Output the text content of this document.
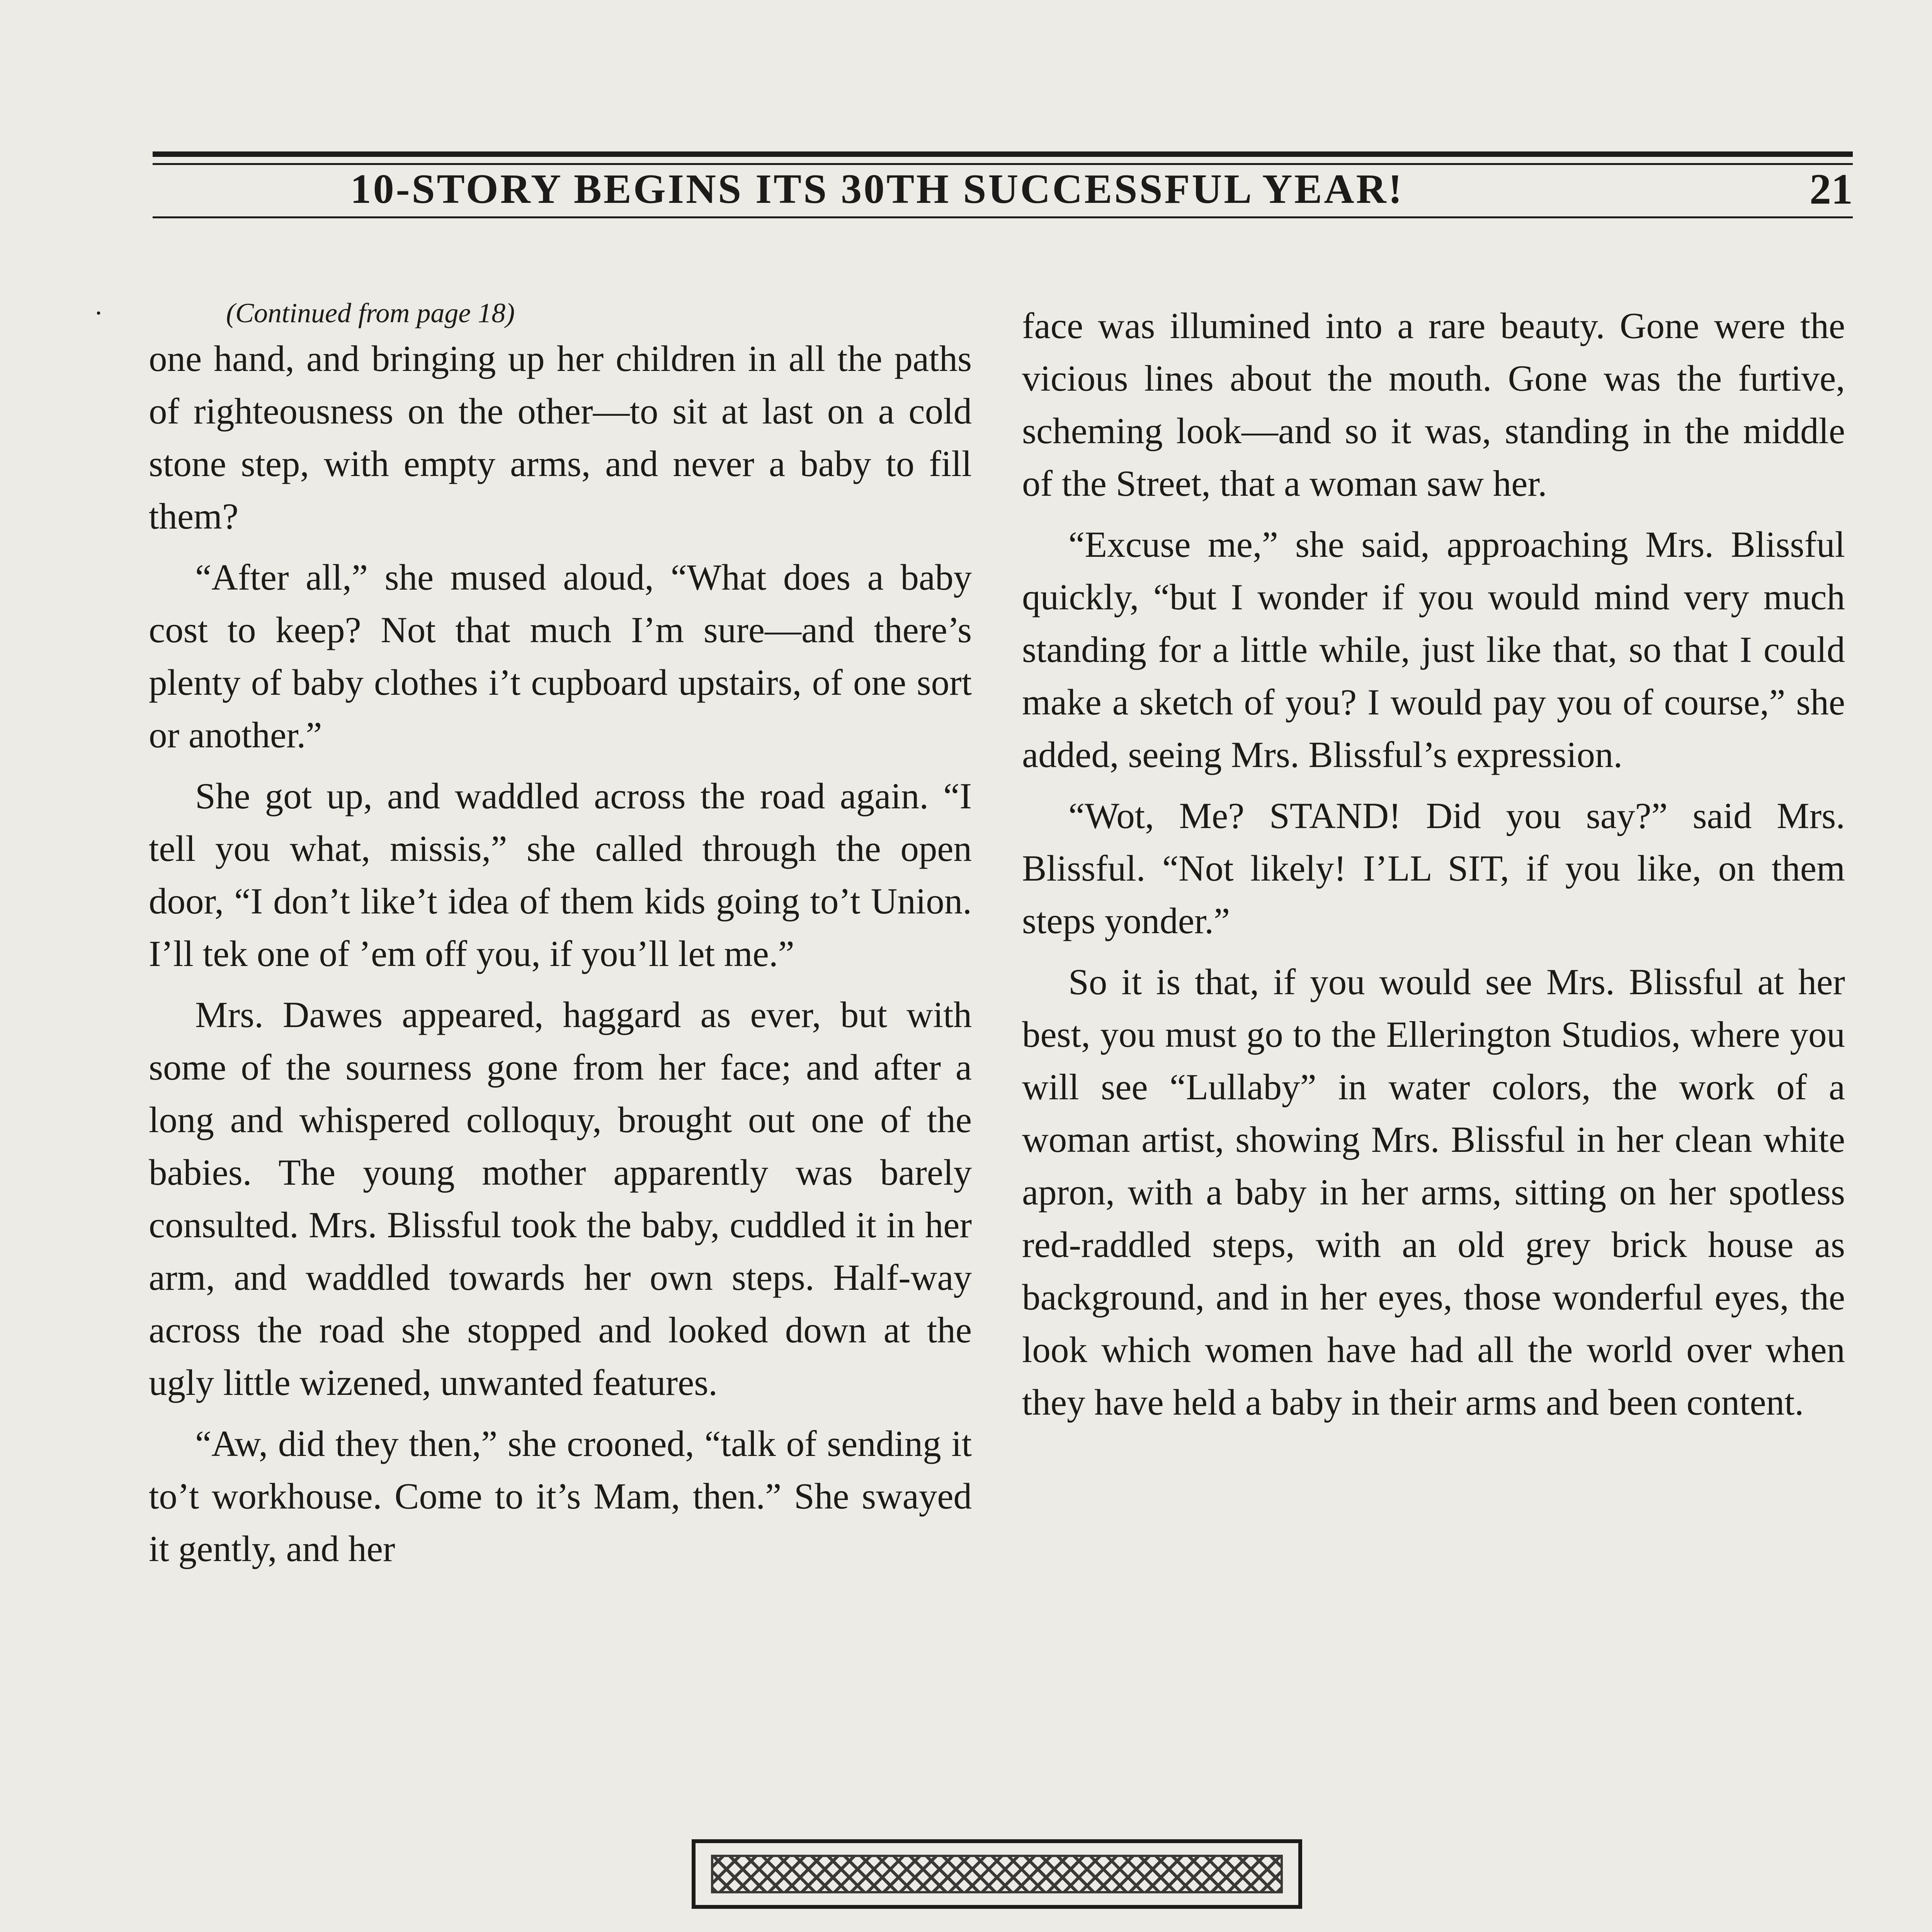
10-STORY BEGINS ITS 30TH SUCCESSFUL YEAR!	21
·	(Continued from page 18)

one hand, and bringing up her children in all the paths of righteousness on the other—to sit at last on a cold stone step, with empty arms, and never a baby to fill them?

“After all,” she mused aloud, “What does a baby cost to keep? Not that much I’m sure—and there’s plenty of baby clothes i’t cupboard upstairs, of one sort or another.”

She got up, and waddled across the road again. “I tell you what, missis,” she called through the open door, “I don’t like’t idea of them kids going to’t Union. I’ll tek one of ’em off you, if you’ll let me.”

Mrs. Dawes appeared, haggard as ever, but with some of the sourness gone from her face; and after a long and whispered colloquy, brought out one of the babies. The young mother apparently was barely consulted. Mrs. Blissful took the baby, cuddled it in her arm, and waddled towards her own steps. Half-way across the road she stopped and looked down at the ugly little wizened, unwanted features.

“Aw, did they then,” she crooned, “talk of sending it to’t workhouse. Come to it’s Mam, then.” She swayed it gently, and her

face was illumined into a rare beauty. Gone were the vicious lines about the mouth. Gone was the furtive, scheming look—and so it was, standing in the middle of the Street, that a woman saw her.

“Excuse me,” she said, approaching Mrs. Blissful quickly, “but I wonder if you would mind very much standing for a little while, just like that, so that I could make a sketch of you? I would pay you of course,” she added, seeing Mrs. Blissful’s expression.

“Wot, Me? STAND! Did you say?” said Mrs. Blissful. “Not likely! I’LL SIT, if you like, on them steps yonder.”

So it is that, if you would see Mrs. Blissful at her best, you must go to the Ellerington Studios, where you will see “Lullaby” in water colors, the work of a woman artist, showing Mrs. Blissful in her clean white apron, with a baby in her arms, sitting on her spotless red-raddled steps, with an old grey brick house as background, and in her eyes, those wonderful eyes, the look which women have had all the world over when they have held a baby in their arms and been content.
